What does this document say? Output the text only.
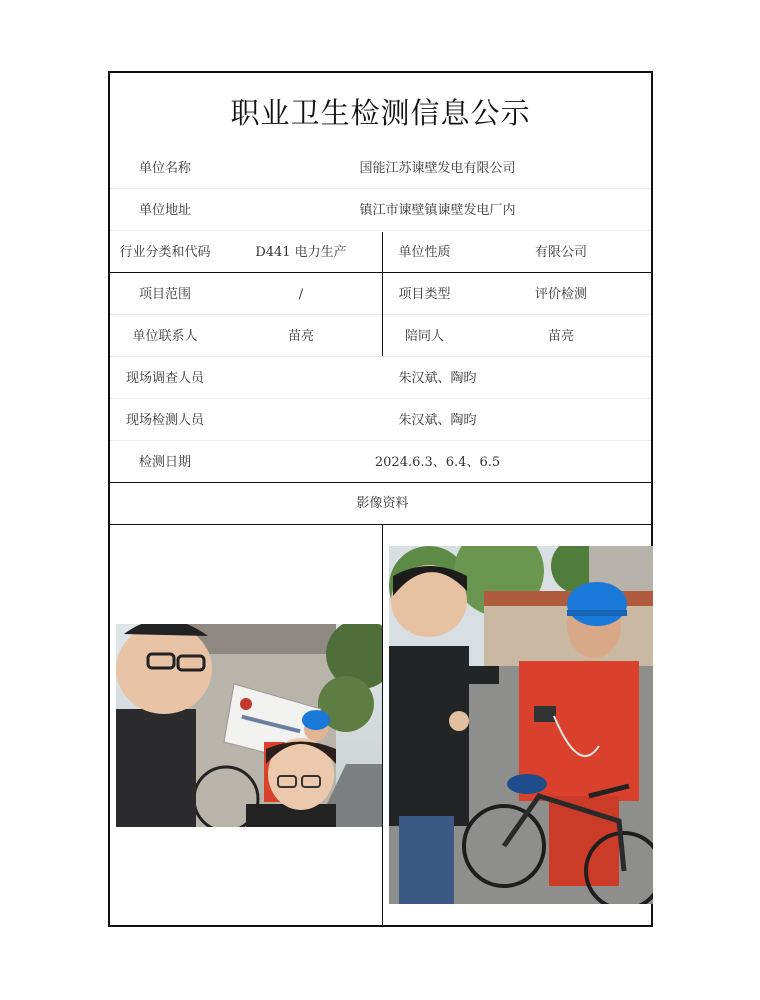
职业卫生检测信息公示
单位名称	国能江苏谏壁发电有限公司
单位地址	镇江市谏壁镇谏壁发电厂内
行业分类和代码	D441 电力生产	单位性质	有限公司
项目范围	/	项目类型	评价检测
单位联系人	苗亮	陪同人	苗亮
现场调查人员	朱汉斌、陶昀
现场检测人员	朱汉斌、陶昀
检测日期	2024.6.3、6.4、6.5
影像资料
